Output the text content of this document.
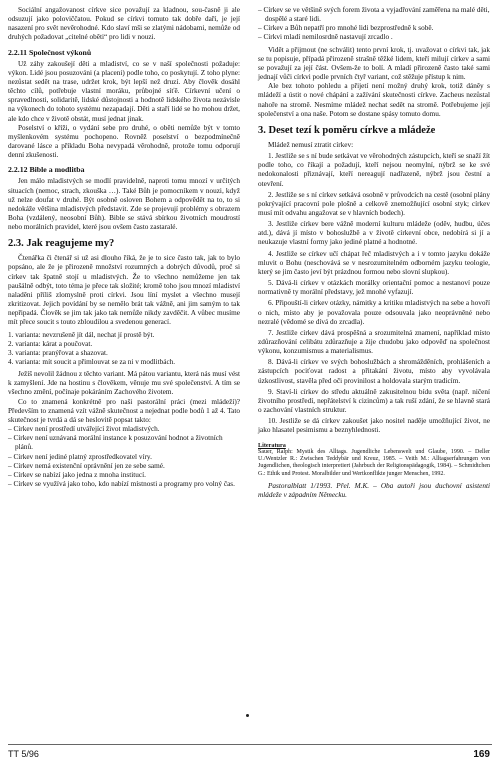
Sociální angažovanost církve sice považují za kladnou, sou-časně ji ale odsuzují jako poloviččatou. Pokud se církvi tomuto tak dobře daří, je její nasazení pro svět nevěrohodné. Kdo slaví mši se zlatými nádobami, nemůže od druhých požadovat „citelné oběti“ pro lidi v nouzi.

2.2.11 Společnost výkonů

Už záhy zakoušejí děti a mladiství, co se v naší společnosti požaduje: výkon. Lidé jsou posuzováni (a placeni) podle toho, co poskytují. Z toho plyne: nezůstat sedět na trase, udržet krok, být lepší než druzí. Aby člověk dosáhl těchto cílů, potřebuje vlastní moráku, průbojné síťě. Církevní učení o spravedlnosti, solidaritě, lidské důstojnosti a hodnotě lidského života nezávisle na výkonech do tohoto systému nezapadají. Děti a staří lidé se ho mohou držet, ale kdo chce v životě obstát, musí jednat jinak.

Poselství o kříži, o vydání sebe pro druhé, o oběti nemůže být v tomto myšlenkovém systému pochopeno. Rovněž poselství o bezpodmínečně darované lásce a příkladu Boha nevypadá věrohodně, protože tomu odporují denní zkušenosti.

2.2.12 Bible a modlitba

Jen málo mladistvých se modlí pravidelně, naproti tomu mnozí v určitých situacích (nemoc, strach, zkouška …). Také Bůh je pomocníkem v nouzi, když už nelze doufat v druhé. Být osobně osloven Bohem a odpovědět na to, to si nedokáže většina mladistvých představit. Zde se projevují problémy s obrazem Boha (vzdálený, neosobní Bůh). Bible se stává sbírkou životních moudrostí nebo morálních pravidel, které jsou ovšem často zastaralé.

2.3. Jak reagujeme my?

Čtenářka či čtenář si už asi dlouho říká, že je to sice často tak, jak to bylo popsáno, ale že je přirozeně množství rozumných a dobrých důvodů, proč si církev tak špatně stojí u mladistvých. Že to všechno nemůžeme jen tak paušálně odbýt, toto téma je přece tak složité; kromě toho jsou mnozí mladiství naladěni příliš zlomyslně proti církvi. Jsou líní myslet a všechno musejí zkritizovat. Jejich povídání by se nemělo brát tak vážně, ani jim samým to tak nepřipadá. Člověk se jim tak jako tak nemůže nikdy zavděčit. A vůbec musíme mít přece soucit s touto zbloudilou a svedenou generací.

1. varianta: nevzrušeně jít dál, nechat jí prostě být.

2. varianta: kárat a poučovat.

3. varianta: pranýřovat a shazovat.

4. varianta: mít soucit a přimlouvat se za ni v modlitbách.

Ježíš nevolil žádnou z těchto variant. Má pátou variantu, která nás musí vést k zamyšlení. Jde na hostinu s člověkem, věnuje mu své společenství. A tím se všechno změní, počínaje pokáráním Zachového životem.

Co to znamená konkrétně pro naši pastorální práci (mezi mládeží)? Především to znamená vzít vážně skutečnost a nejednat podle bodů 1 až 4. Tato skutečnost je tvrdá a dá se heslovitě popsat takto:

– Církev není prostředí utvářející život mladistvých.

– Církev není uznávaná morální instance k posuzování hodnot a životních plánů.

– Církev není jediné platný zprostředkovatel víry.

– Církev nemá existenční oprávnění jen ze sebe samé.

– Církev se nabízí jako jedna z mnoha institucí.

– Církev se využívá jako toho, kdo nabízí místnosti a programy pro volný čas.

– Církev se ve většině svých forem života a vyjadřování zaměřena na malé děti, dospělé a staré lidi.

– Církev a Bůh nepatří pro mnohé lidi bezprostředně k sobě.

– Církvi mladí nemilosrdně nastavují zrcadlo .

Vidět a přijmout (ne schválit) tento první krok, tj. uvažovat o církvi tak, jak se tu popisuje, případá přirozeně strašně těžké lidem, kteří milují církev a sami se považují za její část. Ovšem-že to bolí. A mladí přirozeně často také sami jednají vůči církvi podle prvních čtyř variant, což stěžuje přístup k nim.

Ale bez tohoto pohledu a přijetí není možný druhý krok, totiž dáněy s mládeží a ústit o nové chápání a zažívání skutečnosti církve. Zacheus nezůstal nahoře na stromě. Nesmíme mládež nechat sedět na stromě. Potřebujeme její společenství a ona naše. Potom se dostane spásy tomuto domu.

3. Deset tezí k poměru církve a mládeže

Mládež nemusí ztratit církev:

1. Jestliže se s ní bude setkávat ve věrohodných zástupcích, kteří se snaží žít podle toho, co říkají a požadují, kteří nejsou neomylní, nýbrž se ke své nedokonalosti přiznávají, kteří nereagují nadřazeně, nýbrž jsou čestní a otevření.

2. Jestliže se s ní církev setkává osobně v průvodcích na cestě (osobní plány pokrývající pracovní pole plošně a celkově znemožňující osobní styk; církev musí mít odvahu angažovat se v hlavních bodech).

3. Jestliže církev bere vážně moderní kulturu mládeže (oděv, hudbu, účes atd.), dává jí místo v bohoslužbě a v životě církevní obce, nedobírá si jí a neukazuje vlastní formy jako jediné platné a hodnotné.

4. Jestliže se církev učí chápat řeč mladistvých a i v tomto jazyku dokáže mluvit o Bohu (neschovává se v nesrozumitelném odborném jazyku teologie, který se jim často jeví být prázdnou formou nebo slovní slupkou).

5. Dává-li církev v otázkách morálky orientační pomoc a nestanoví pouze normativně ty morální představy, jež mnohé vyfazují.

6. Připouští-li církev otázky, námitky a kritiku mladistvých na sebe a hovoří o nich, místo aby je považovala pouze odsouvala jako neoprávněné nebo nezralé (vědomé se dívá do zrcadla).

7. Jestliže církev dává prospěšná a srozumitelná znamení, například místo zdůrazňování celibátu zdůrazňuje a žije chudobu jako odpověď na společnost výkonu, konzumismus a materialismus.

8. Dává-li církev ve svých bohoslužbách a shromážděních, prohlášeních a zástupcích pociťovat radost a přitakání životu, místo aby vyvolávala úzkostlivost, stavěla před oči provinilost a holdovala starým tradicím.

9. Staví-li církev do středu aktuálně zakusitelnou bídu světa (např. ničení životního prostředí, nepřátelství k cizincům) a tak ruší zdání, že se hlavně stará o zachování vlastních struktur.

10. Jestliže se dá církev zakoušet jako nositel naděje umožňující život, ne jako hlasatel pesimismu a beznyhlednosti.

Literatura

Sauer, Ralph: Mystik des Alltags. Jugendliche Lebenswelt und Glaube, 1990. – Deller U./Wentzler R.: Zwischen Teddybär und Kreuz, 1985. – Veith M.: Alltagserfahrungen von Jugendlichen, theologisch interpretiert (Jahrbuch der Religionspädagogik, 1984). – Schmidtchen G.: Ethik und Protest. Moralbilder und Wertkonflikte junger Menschen, 1992.

Pastoralblatt 1/1993. Přel. M.K. – Oba autoři jsou duchovní asistenti mládeže v západním Německu.

TT 5/96	169
